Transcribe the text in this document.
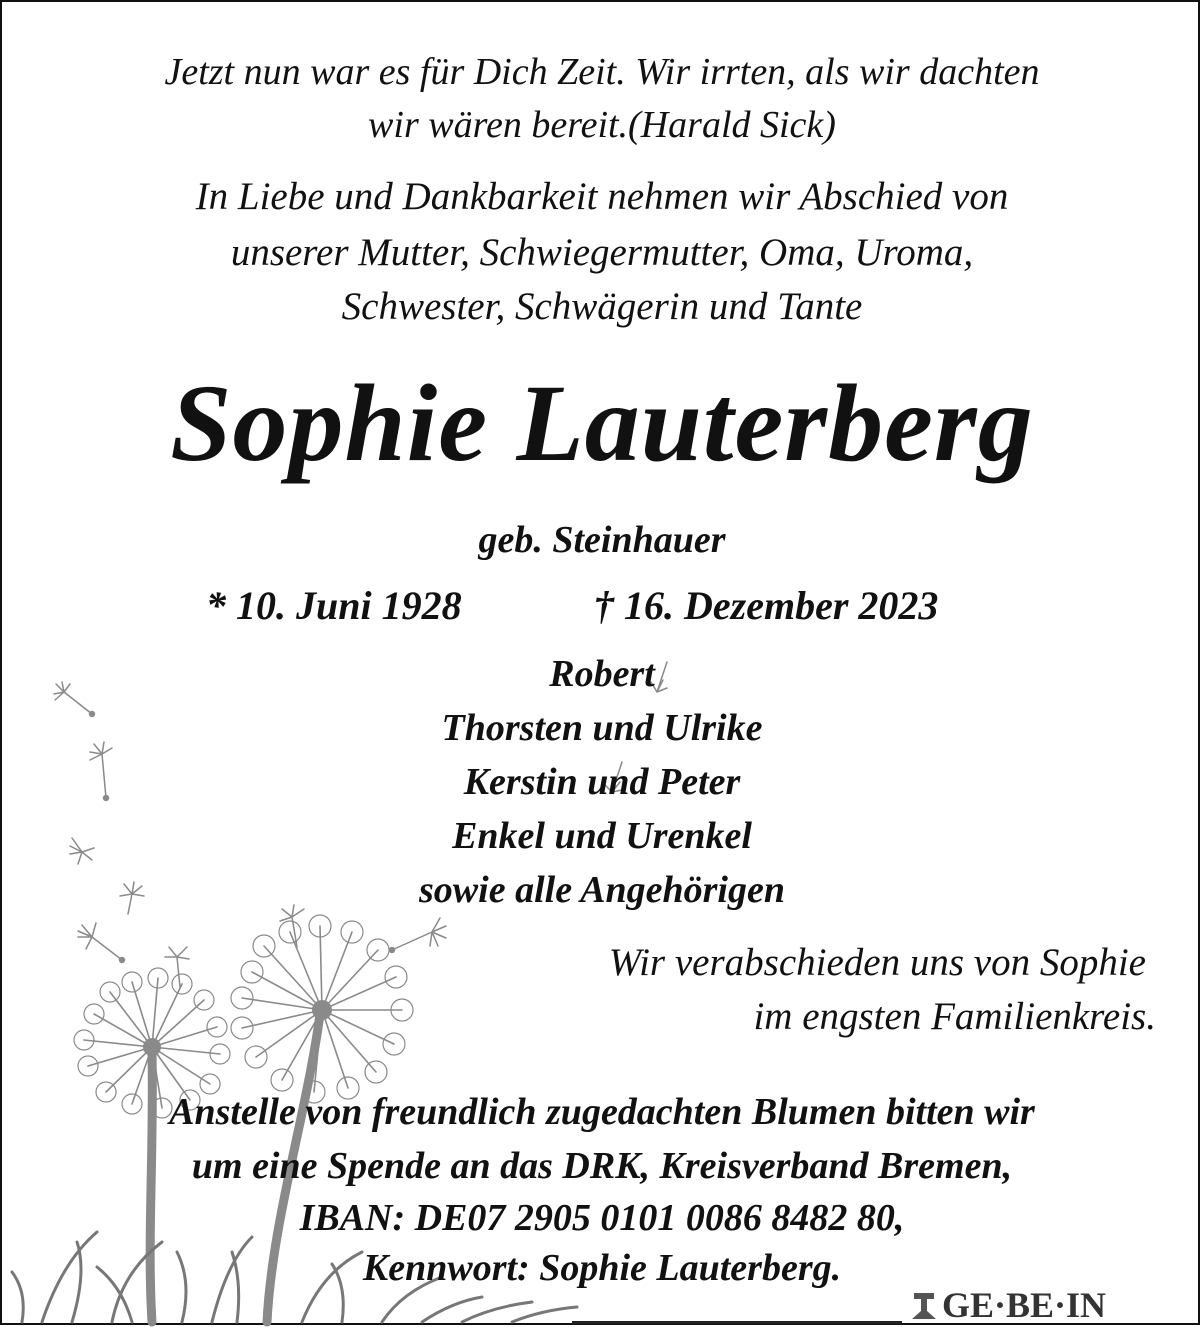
Jetzt nun war es für Dich Zeit. Wir irrten, als wir dachten
wir wären bereit.(Harald Sick)
In Liebe und Dankbarkeit nehmen wir Abschied von
unserer Mutter, Schwiegermutter, Oma, Uroma,
Schwester, Schwägerin und Tante
Sophie Lauterberg
geb. Steinhauer
* 10. Juni 1928	† 16. Dezember 2023
Robert
Thorsten und Ulrike
Kerstin und Peter
Enkel und Urenkel
sowie alle Angehörigen
Wir verabschieden uns von Sophie
im engsten Familienkreis.
Anstelle von freundlich zugedachten Blumen bitten wir
um eine Spende an das DRK, Kreisverband Bremen,
IBAN: DE07 2905 0101 0086 8482 80,
Kennwort: Sophie Lauterberg.
GE·BE·IN
